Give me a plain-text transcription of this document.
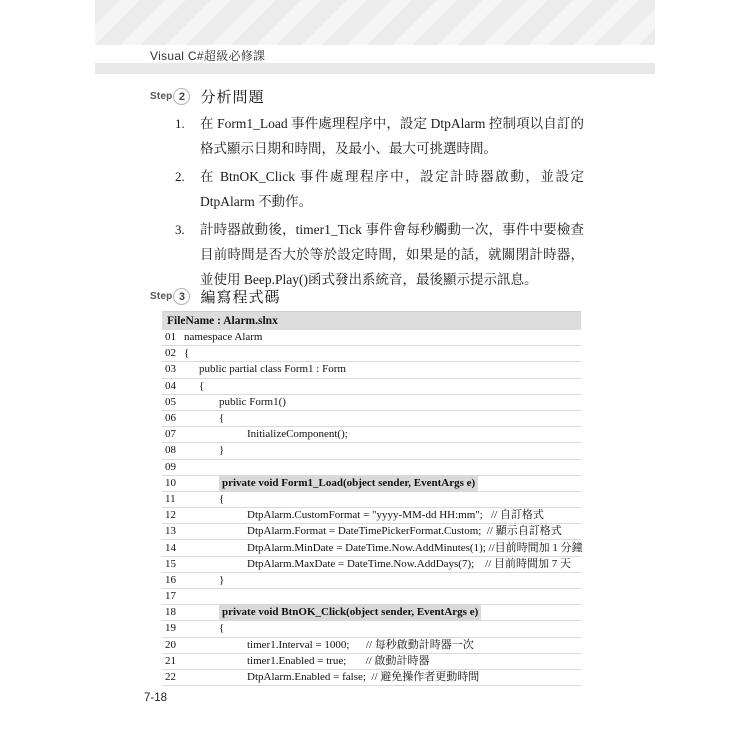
Visual C#超級必修課
Step 2	分析問題
1.	在 Form1_Load 事件處理程序中，設定 DtpAlarm 控制項以自訂的格式顯示日期和時間，及最小、最大可挑選時間。
2.	在 BtnOK_Click 事件處理程序中，設定計時器啟動，並設定 DtpAlarm 不動作。
3.	計時器啟動後，timer1_Tick 事件會每秒觸動一次，事件中要檢查目前時間是否大於等於設定時間，如果是的話，就關閉計時器，並使用 Beep.Play()函式發出系統音，最後顯示提示訊息。
Step 3	編寫程式碼
FileName : Alarm.slnx
01 namespace Alarm
02 {
03	public partial class Form1 : Form
04	{
05	public Form1()
06	{
07	InitializeComponent();
08	}
09
10	private void Form1_Load(object sender, EventArgs e)
11	{
12	DtpAlarm.CustomFormat = "yyyy-MM-dd HH:mm";   // 自訂格式
13	DtpAlarm.Format = DateTimePickerFormat.Custom;  // 顯示自訂格式
14	DtpAlarm.MinDate = DateTime.Now.AddMinutes(1); //目前時間加 1 分鐘
15	DtpAlarm.MaxDate = DateTime.Now.AddDays(7);    // 目前時間加 7 天
16	}
17
18	private void BtnOK_Click(object sender, EventArgs e)
19	{
20	timer1.Interval = 1000;      // 每秒啟動計時器一次
21	timer1.Enabled = true;       // 啟動計時器
22	DtpAlarm.Enabled = false;  // 避免操作者更動時間
7-18
